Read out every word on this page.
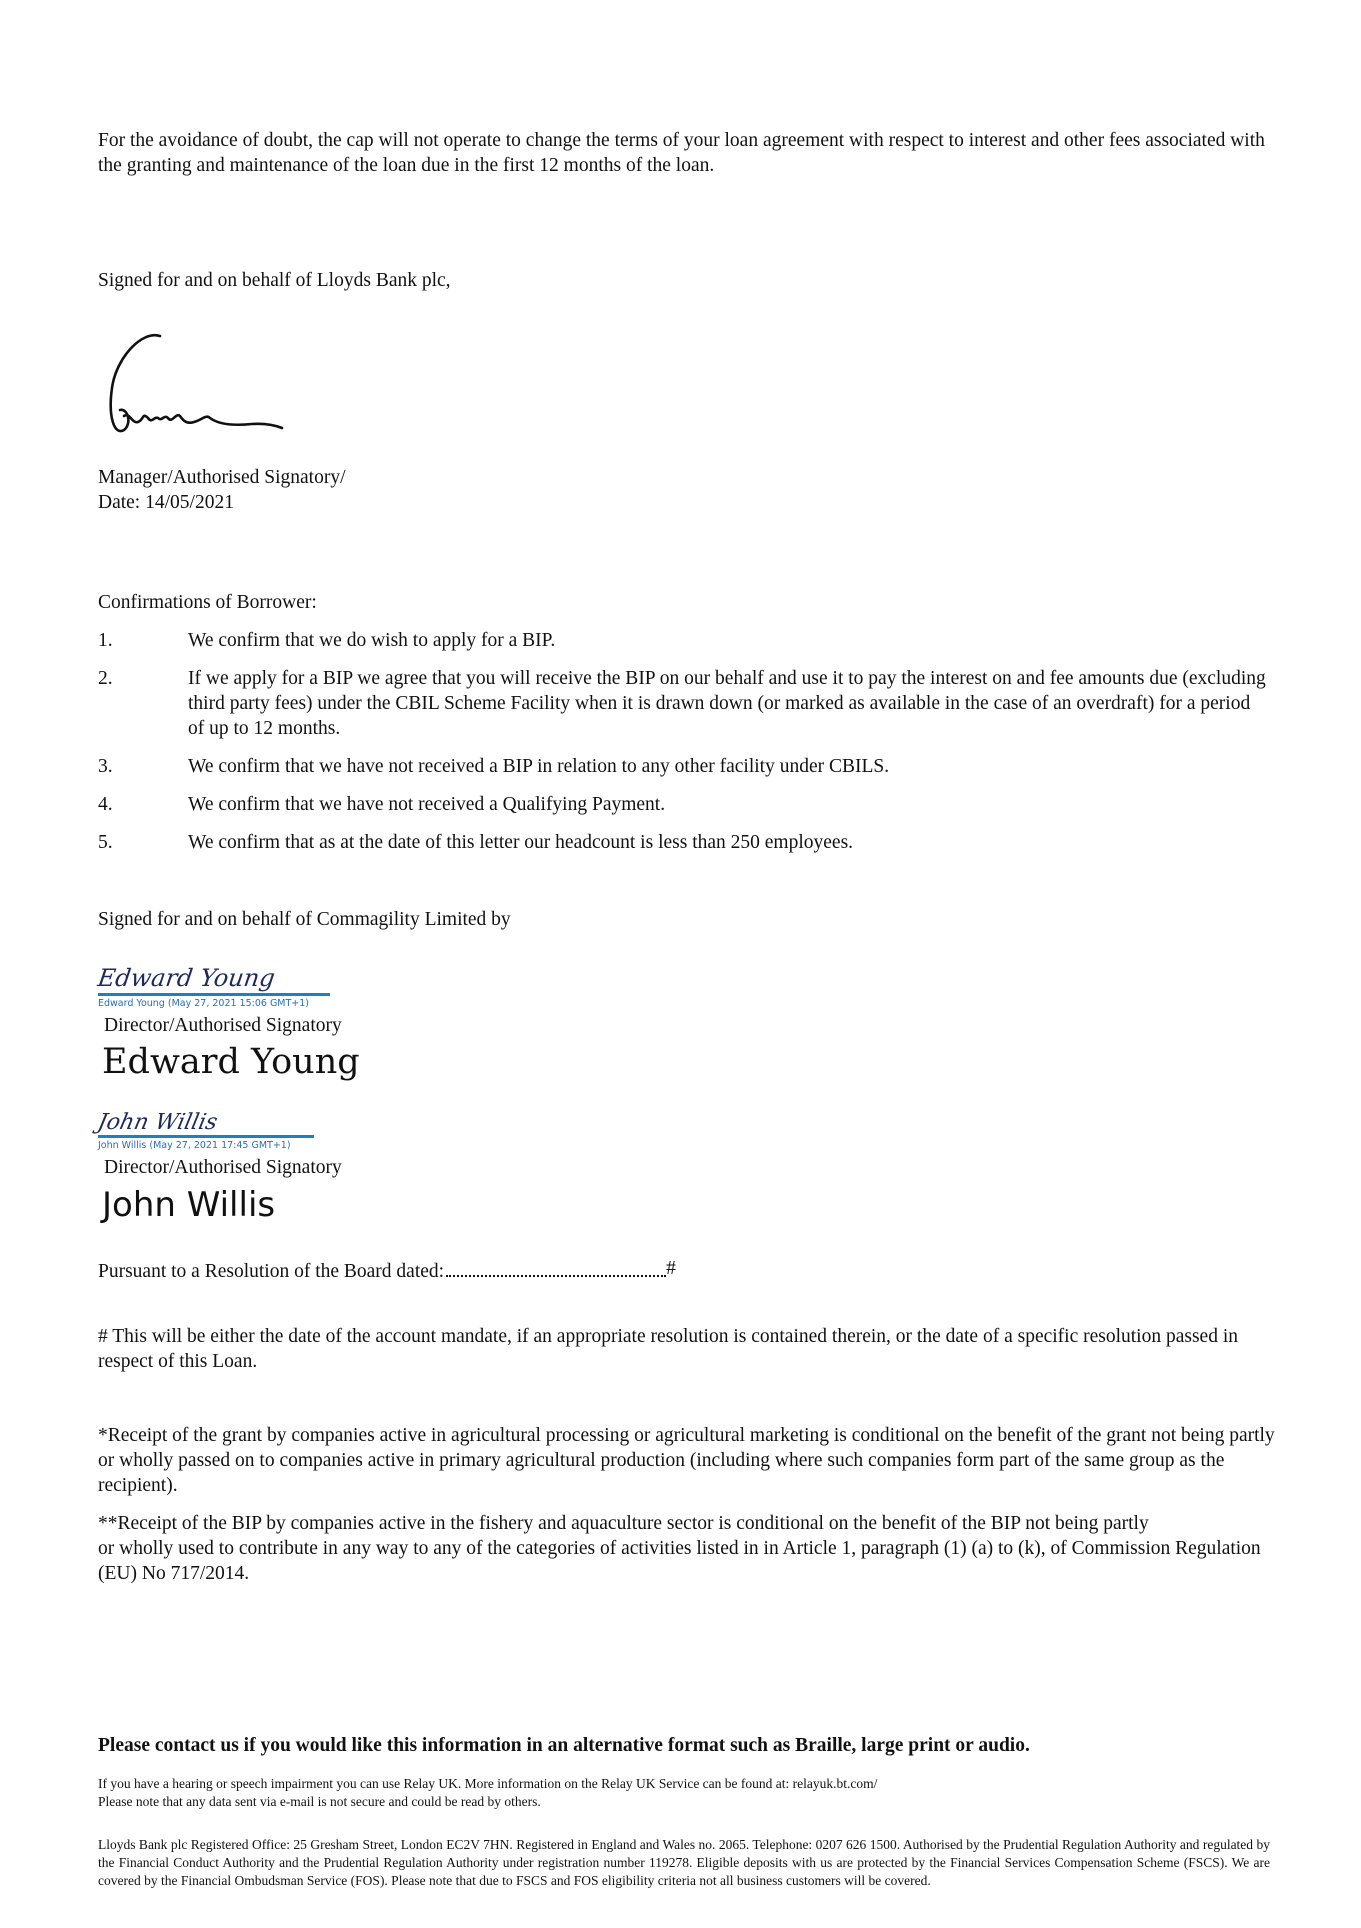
For the avoidance of doubt, the cap will not operate to change the terms of your loan agreement with respect to interest and other fees associated with the granting and maintenance of the loan due in the first 12 months of the loan.
Signed for and on behalf of Lloyds Bank plc,
Manager/Authorised Signatory/
Date: 14/05/2021
Confirmations of Borrower:
1.	We confirm that we do wish to apply for a BIP.
2.	If we apply for a BIP we agree that you will receive the BIP on our behalf and use it to pay the interest on and fee amounts due (excluding third party fees) under the CBIL Scheme Facility when it is drawn down (or marked as available in the case of an overdraft) for a period of up to 12 months.
3.	We confirm that we have not received a BIP in relation to any other facility under CBILS.
4.	We confirm that we have not received a Qualifying Payment.
5.	We confirm that as at the date of this letter our headcount is less than 250 employees.
Signed for and on behalf of Commagility Limited by
Edward Young
Edward Young (May 27, 2021 15:06 GMT+1)
Director/Authorised Signatory
Edward Young
John Willis
John Willis (May 27, 2021 17:45 GMT+1)
Director/Authorised Signatory
John Willis
Pursuant to a Resolution of the Board dated:	#
# This will be either the date of the account mandate, if an appropriate resolution is contained therein, or the date of a specific resolution passed in respect of this Loan.
*Receipt of the grant by companies active in agricultural processing or agricultural marketing is conditional on the benefit of the grant not being partly or wholly passed on to companies active in primary agricultural production (including where such companies form part of the same group as the recipient).
**Receipt of the BIP by companies active in the fishery and aquaculture sector is conditional on the benefit of the BIP not being partly
or wholly used to contribute in any way to any of the categories of activities listed in in Article 1, paragraph (1) (a) to (k), of Commission Regulation (EU) No 717/2014.
Please contact us if you would like this information in an alternative format such as Braille, large print or audio.
If you have a hearing or speech impairment you can use Relay UK. More information on the Relay UK Service can be found at: relayuk.bt.com/
Please note that any data sent via e-mail is not secure and could be read by others.
Lloyds Bank plc Registered Office: 25 Gresham Street, London EC2V 7HN. Registered in England and Wales no. 2065. Telephone: 0207 626 1500. Authorised by the Prudential Regulation Authority and regulated by the Financial Conduct Authority and the Prudential Regulation Authority under registration number 119278. Eligible deposits with us are protected by the Financial Services Compensation Scheme (FSCS). We are covered by the Financial Ombudsman Service (FOS). Please note that due to FSCS and FOS eligibility criteria not all business customers will be covered.
